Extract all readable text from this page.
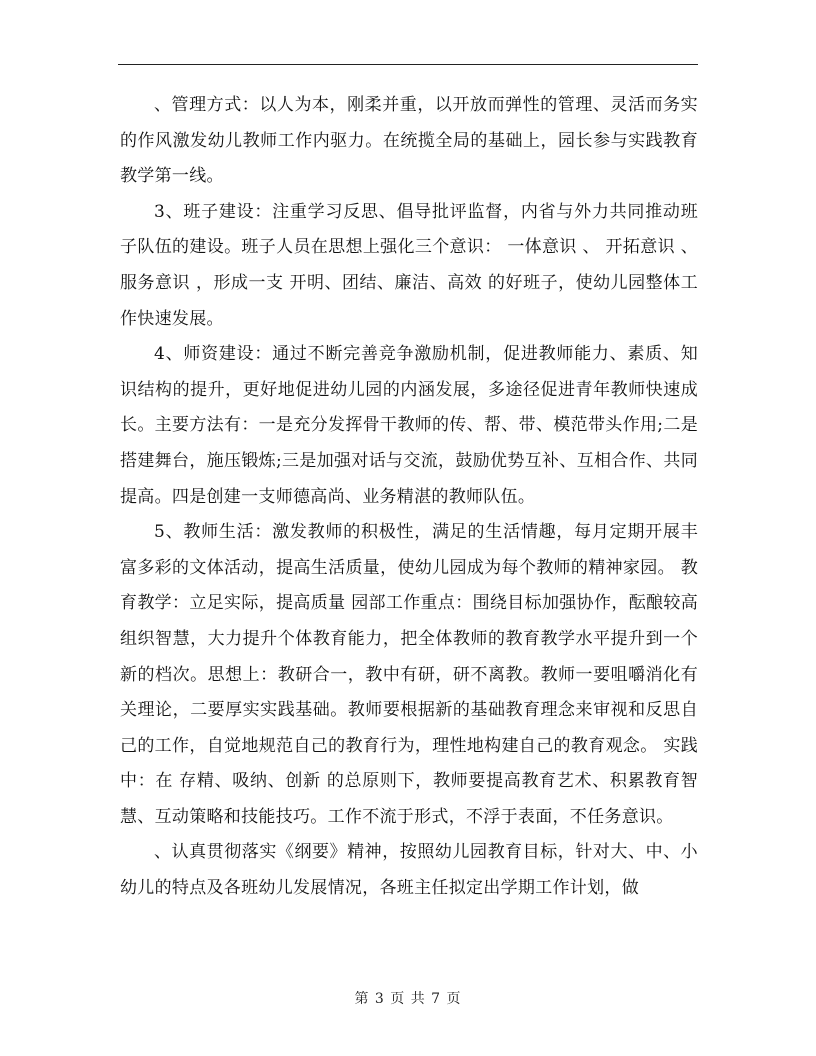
、管理方式：以人为本，刚柔并重，以开放而弹性的管理、灵活而务实的作风激发幼儿教师工作内驱力。在统揽全局的基础上，园长参与实践教育教学第一线。

3、班子建设：注重学习反思、倡导批评监督，内省与外力共同推动班子队伍的建设。班子人员在思想上强化三个意识： 一体意识 、 开拓意识 、 服务意识 ，形成一支 开明、团结、廉洁、高效 的好班子，使幼儿园整体工作快速发展。

4、师资建设：通过不断完善竞争激励机制，促进教师能力、素质、知识结构的提升，更好地促进幼儿园的内涵发展，多途径促进青年教师快速成长。主要方法有：一是充分发挥骨干教师的传、帮、带、模范带头作用;二是搭建舞台，施压锻炼;三是加强对话与交流，鼓励优势互补、互相合作、共同提高。四是创建一支师德高尚、业务精湛的教师队伍。

5、教师生活：激发教师的积极性，满足的生活情趣，每月定期开展丰富多彩的文体活动，提高生活质量，使幼儿园成为每个教师的精神家园。 教育教学：立足实际，提高质量 园部工作重点：围绕目标加强协作，酝酿较高组织智慧，大力提升个体教育能力，把全体教师的教育教学水平提升到一个新的档次。思想上：教研合一，教中有研，研不离教。教师一要咀嚼消化有关理论，二要厚实实践基础。教师要根据新的基础教育理念来审视和反思自己的工作，自觉地规范自己的教育行为，理性地构建自己的教育观念。 实践中：在 存精、吸纳、创新 的总原则下，教师要提高教育艺术、积累教育智慧、互动策略和技能技巧。工作不流于形式，不浮于表面，不任务意识。

、认真贯彻落实《纲要》精神，按照幼儿园教育目标，针对大、中、小幼儿的特点及各班幼儿发展情况，各班主任拟定出学期工作计划，做

第 3 页 共 7 页
